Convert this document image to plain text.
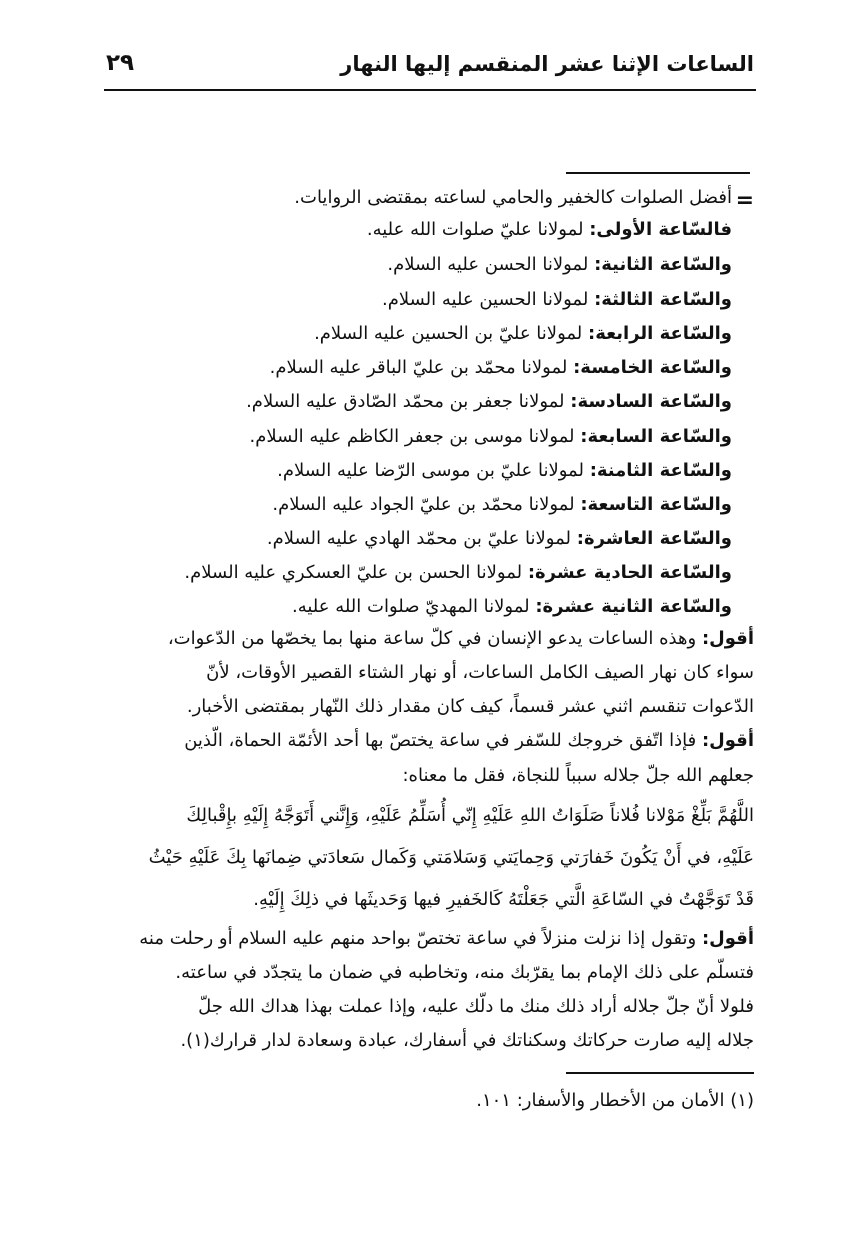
الساعات الإثنا عشر المنقسم إليها النهار
٢٩
=
أفضل الصلوات كالخفير والحامي لساعته بمقتضى الروايات.
فالسّاعة الأولى: لمولانا عليّ صلوات الله عليه.
والسّاعة الثانية: لمولانا الحسن عليه السلام.
والسّاعة الثالثة: لمولانا الحسين عليه السلام.
والسّاعة الرابعة: لمولانا عليّ بن الحسين عليه السلام.
والسّاعة الخامسة: لمولانا محمّد بن عليّ الباقر عليه السلام.
والسّاعة السادسة: لمولانا جعفر بن محمّد الصّادق عليه السلام.
والسّاعة السابعة: لمولانا موسى بن جعفر الكاظم عليه السلام.
والسّاعة الثامنة: لمولانا عليّ بن موسى الرّضا عليه السلام.
والسّاعة التاسعة: لمولانا محمّد بن عليّ الجواد عليه السلام.
والسّاعة العاشرة: لمولانا عليّ بن محمّد الهادي عليه السلام.
والسّاعة الحادية عشرة: لمولانا الحسن بن عليّ العسكري عليه السلام.
والسّاعة الثانية عشرة: لمولانا المهديّ صلوات الله عليه.
أقول: وهذه الساعات يدعو الإنسان في كلّ ساعة منها بما يخصّها من الدّعوات،
سواء كان نهار الصيف الكامل الساعات، أو نهار الشتاء القصير الأوقات، لأنّ
الدّعوات تنقسم اثني عشر قسماً، كيف كان مقدار ذلك النّهار بمقتضى الأخبار.
أقول: فإذا اتّفق خروجك للسّفر في ساعة يختصّ بها أحد الأئمّة الحماة، الّذين
جعلهم الله جلّ جلاله سبباً للنجاة، فقل ما معناه:
اللَّهُمَّ بَلِّغْ مَوْلانا فُلاناً صَلَوَاتُ اللهِ عَلَيْهِ إِنّي أُسَلِّمُ عَلَيْهِ، وَإِنَّني أَتَوَجَّهُ إِلَيْهِ بإِقْبالِكَ
عَلَيْهِ، في أَنْ يَكُونَ خَفارَتي وَحِمايَتي وَسَلامَتي وَكَمال سَعادَتي ضِمانَها بِكَ عَلَيْهِ حَيْثُ
قَدْ تَوَجَّهْتُ في السّاعَةِ الَّتي جَعَلْتَهُ كَالخَفيرِ فيها وَحَديثَها في ذلِكَ إِلَيْهِ.
أقول: وتقول إذا نزلت منزلاً في ساعة تختصّ بواحد منهم عليه السلام أو رحلت منه
فتسلّم على ذلك الإمام بما يقرّبك منه، وتخاطبه في ضمان ما يتجدّد في ساعته.
فلولا أنّ جلّ جلاله أراد ذلك منك ما دلّك عليه، وإذا عملت بهذا هداك الله جلّ
جلاله إليه صارت حركاتك وسكناتك في أسفارك، عبادة وسعادة لدار قرارك(١).
(١) الأمان من الأخطار والأسفار: ١٠١.
